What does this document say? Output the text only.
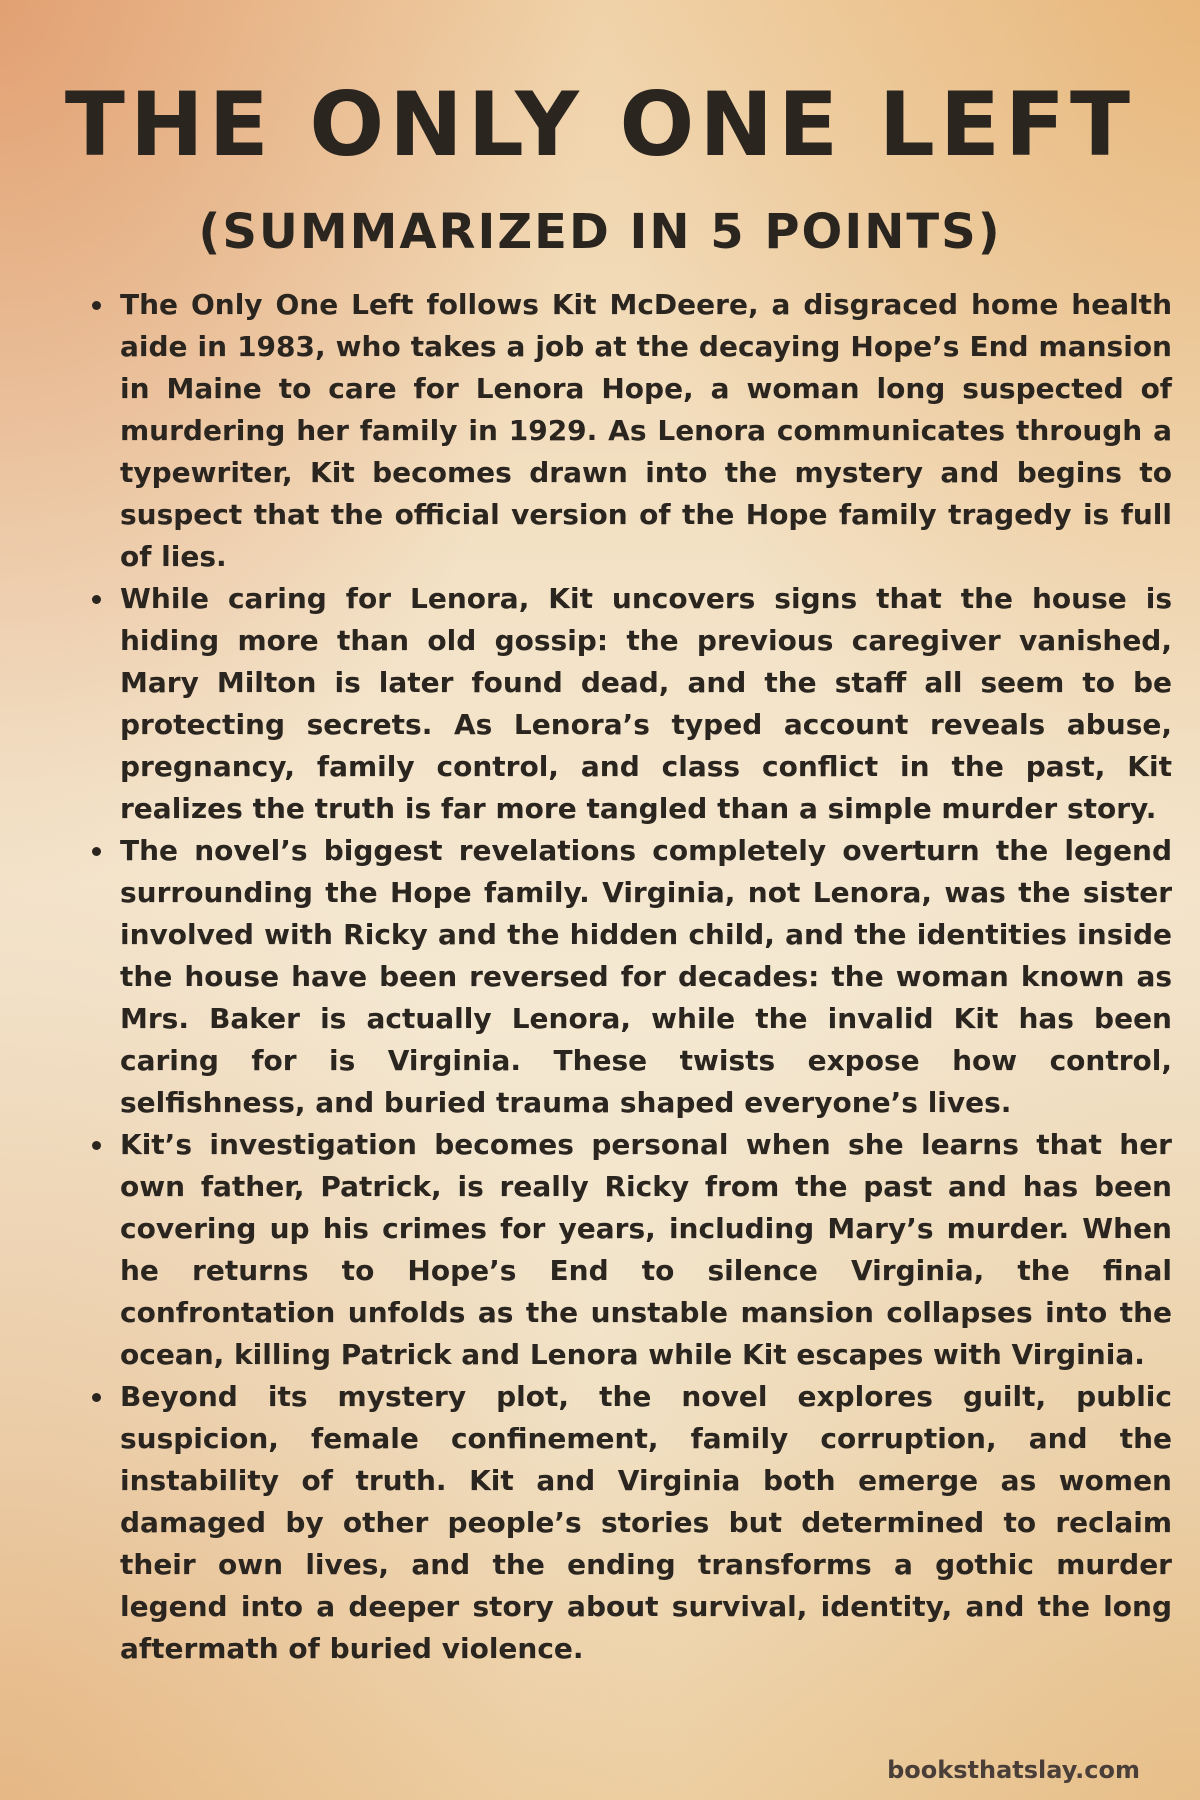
THE ONLY ONE LEFT
(SUMMARIZED IN 5 POINTS)
The Only One Left follows Kit McDeere, a disgraced home health aide in 1983, who takes a job at the decaying Hope’s End mansion in Maine to care for Lenora Hope, a woman long suspected of murdering her family in 1929. As Lenora communicates through a typewriter, Kit becomes drawn into the mystery and begins to suspect that the official version of the Hope family tragedy is full of lies.
While caring for Lenora, Kit uncovers signs that the house is hiding more than old gossip: the previous caregiver vanished, Mary Milton is later found dead, and the staff all seem to be protecting secrets. As Lenora’s typed account reveals abuse, pregnancy, family control, and class conflict in the past, Kit realizes the truth is far more tangled than a simple murder story.
The novel’s biggest revelations completely overturn the legend surrounding the Hope family. Virginia, not Lenora, was the sister involved with Ricky and the hidden child, and the identities inside the house have been reversed for decades: the woman known as Mrs. Baker is actually Lenora, while the invalid Kit has been caring for is Virginia. These twists expose how control, selfishness, and buried trauma shaped everyone’s lives.
Kit’s investigation becomes personal when she learns that her own father, Patrick, is really Ricky from the past and has been covering up his crimes for years, including Mary’s murder. When he returns to Hope’s End to silence Virginia, the final confrontation unfolds as the unstable mansion collapses into the ocean, killing Patrick and Lenora while Kit escapes with Virginia.
Beyond its mystery plot, the novel explores guilt, public suspicion, female confinement, family corruption, and the instability of truth. Kit and Virginia both emerge as women damaged by other people’s stories but determined to reclaim their own lives, and the ending transforms a gothic murder legend into a deeper story about survival, identity, and the long aftermath of buried violence.
booksthatslay.com
